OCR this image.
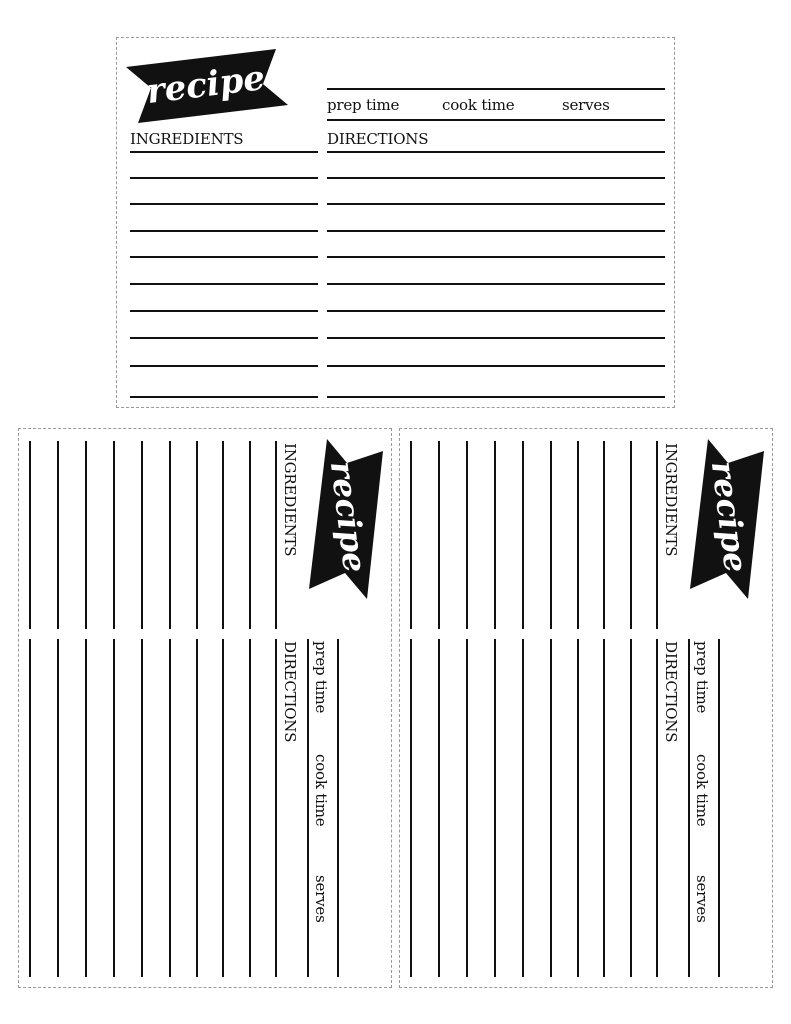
recipe	prep time	cook time	serves
INGREDIENTS	DIRECTIONS
recipe
INGREDIENTS
DIRECTIONS prep time
cook time
serves
recipe
INGREDIENTS
DIRECTIONS prep time
cook time
serves
